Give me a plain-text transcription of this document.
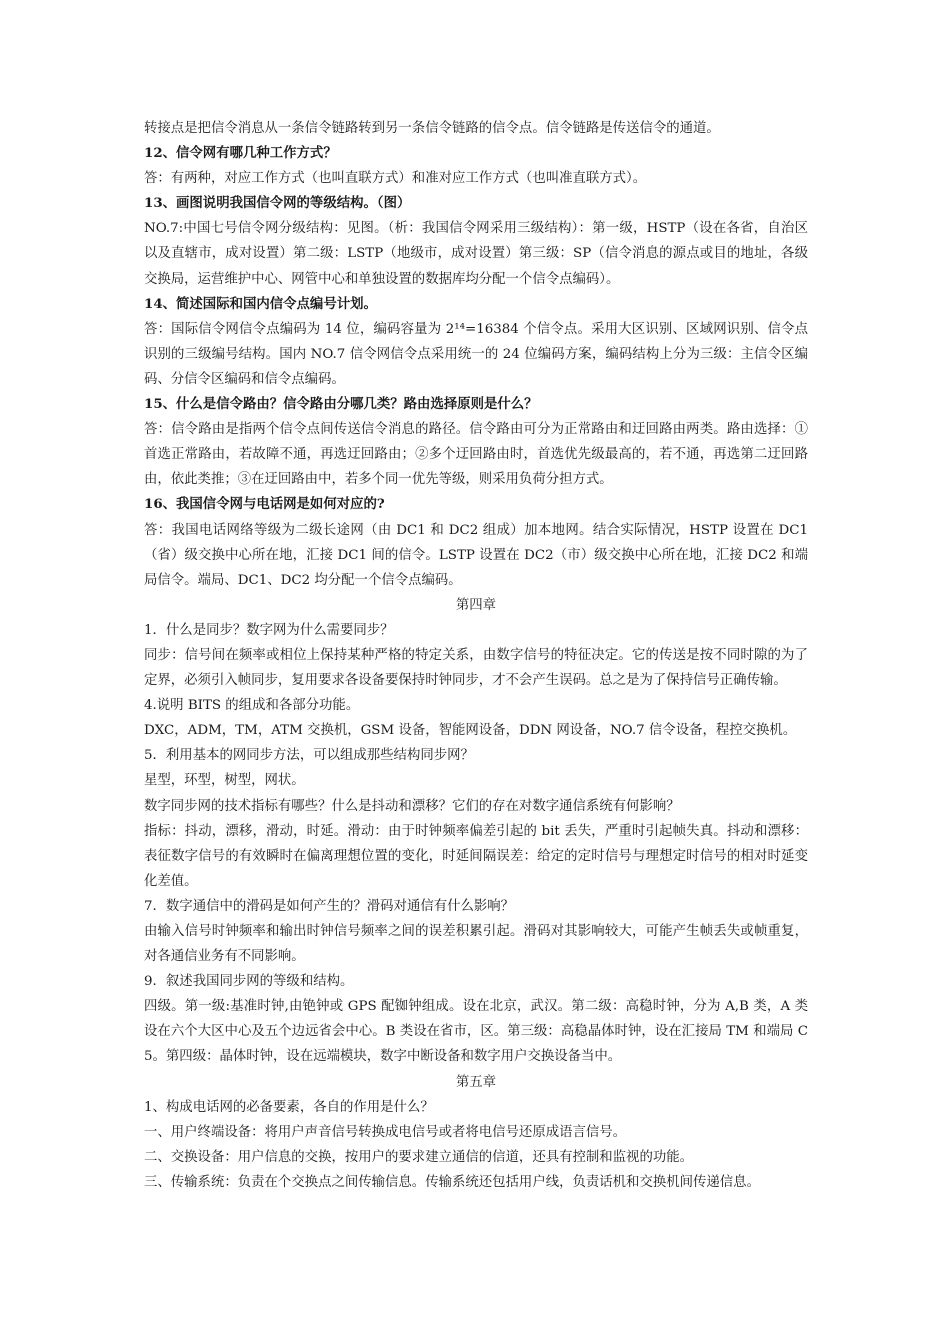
转接点是把信令消息从一条信令链路转到另一条信令链路的信令点。信令链路是传送信令的通道。

12、信令网有哪几种工作方式？

答：有两种，对应工作方式（也叫直联方式）和准对应工作方式（也叫准直联方式）。

13、画图说明我国信令网的等级结构。（图）

NO.7:中国七号信令网分级结构：见图。（析：我国信令网采用三级结构）：第一级，HSTP（设在各省，自治区以及直辖市，成对设置）第二级：LSTP（地级市，成对设置）第三级：SP（信令消息的源点或目的地址，各级交换局，运营维护中心、网管中心和单独设置的数据库均分配一个信令点编码）。

14、简述国际和国内信令点编号计划。

答：国际信令网信令点编码为 14 位，编码容量为 2¹⁴=16384 个信令点。采用大区识别、区域网识别、信令点识别的三级编号结构。国内 NO.7 信令网信令点采用统一的 24 位编码方案，编码结构上分为三级：主信令区编码、分信令区编码和信令点编码。

15、什么是信令路由？信令路由分哪几类？路由选择原则是什么？

答：信令路由是指两个信令点间传送信令消息的路径。信令路由可分为正常路由和迂回路由两类。路由选择：①首选正常路由，若故障不通，再选迂回路由；②多个迂回路由时，首选优先级最高的，若不通，再选第二迂回路由，依此类推；③在迂回路由中，若多个同一优先等级，则采用负荷分担方式。

16、我国信令网与电话网是如何对应的?

答：我国电话网络等级为二级长途网（由 DC1 和 DC2 组成）加本地网。结合实际情况，HSTP 设置在 DC1（省）级交换中心所在地，汇接 DC1 间的信令。LSTP 设置在 DC2（市）级交换中心所在地，汇接 DC2 和端局信令。端局、DC1、DC2 均分配一个信令点编码。

第四章

1．什么是同步？数字网为什么需要同步？

同步：信号间在频率或相位上保持某种严格的特定关系，由数字信号的特征决定。它的传送是按不同时隙的为了定界，必须引入帧同步，复用要求各设备要保持时钟同步，才不会产生误码。总之是为了保持信号正确传输。

4.说明 BITS 的组成和各部分功能。

DXC，ADM，TM，ATM 交换机，GSM 设备，智能网设备，DDN 网设备，NO.7 信令设备，程控交换机。

5．利用基本的网同步方法，可以组成那些结构同步网？

星型，环型，树型，网状。

数字同步网的技术指标有哪些？什么是抖动和漂移？它们的存在对数字通信系统有何影响？

指标：抖动，漂移，滑动，时延。滑动：由于时钟频率偏差引起的 bit 丢失，严重时引起帧失真。抖动和漂移：表征数字信号的有效瞬时在偏离理想位置的变化，时延间隔误差：给定的定时信号与理想定时信号的相对时延变化差值。

7．数字通信中的滑码是如何产生的？滑码对通信有什么影响？

由输入信号时钟频率和输出时钟信号频率之间的误差积累引起。滑码对其影响较大，可能产生帧丢失或帧重复，对各通信业务有不同影响。

9．叙述我国同步网的等级和结构。

四级。第一级:基准时钟,由铯钟或 GPS 配铷钟组成。设在北京，武汉。第二级：高稳时钟，分为 A,B 类，A 类设在六个大区中心及五个边远省会中心。B 类设在省市，区。第三级：高稳晶体时钟，设在汇接局 TM 和端局 C5。第四级：晶体时钟，设在远端模块，数字中断设备和数字用户交换设备当中。

第五章

1、构成电话网的必备要素，各自的作用是什么？

一、用户终端设备：将用户声音信号转换成电信号或者将电信号还原成语言信号。

二、交换设备：用户信息的交换，按用户的要求建立通信的信道，还具有控制和监视的功能。

三、传输系统：负责在个交换点之间传输信息。传输系统还包括用户线，负责话机和交换机间传递信息。
